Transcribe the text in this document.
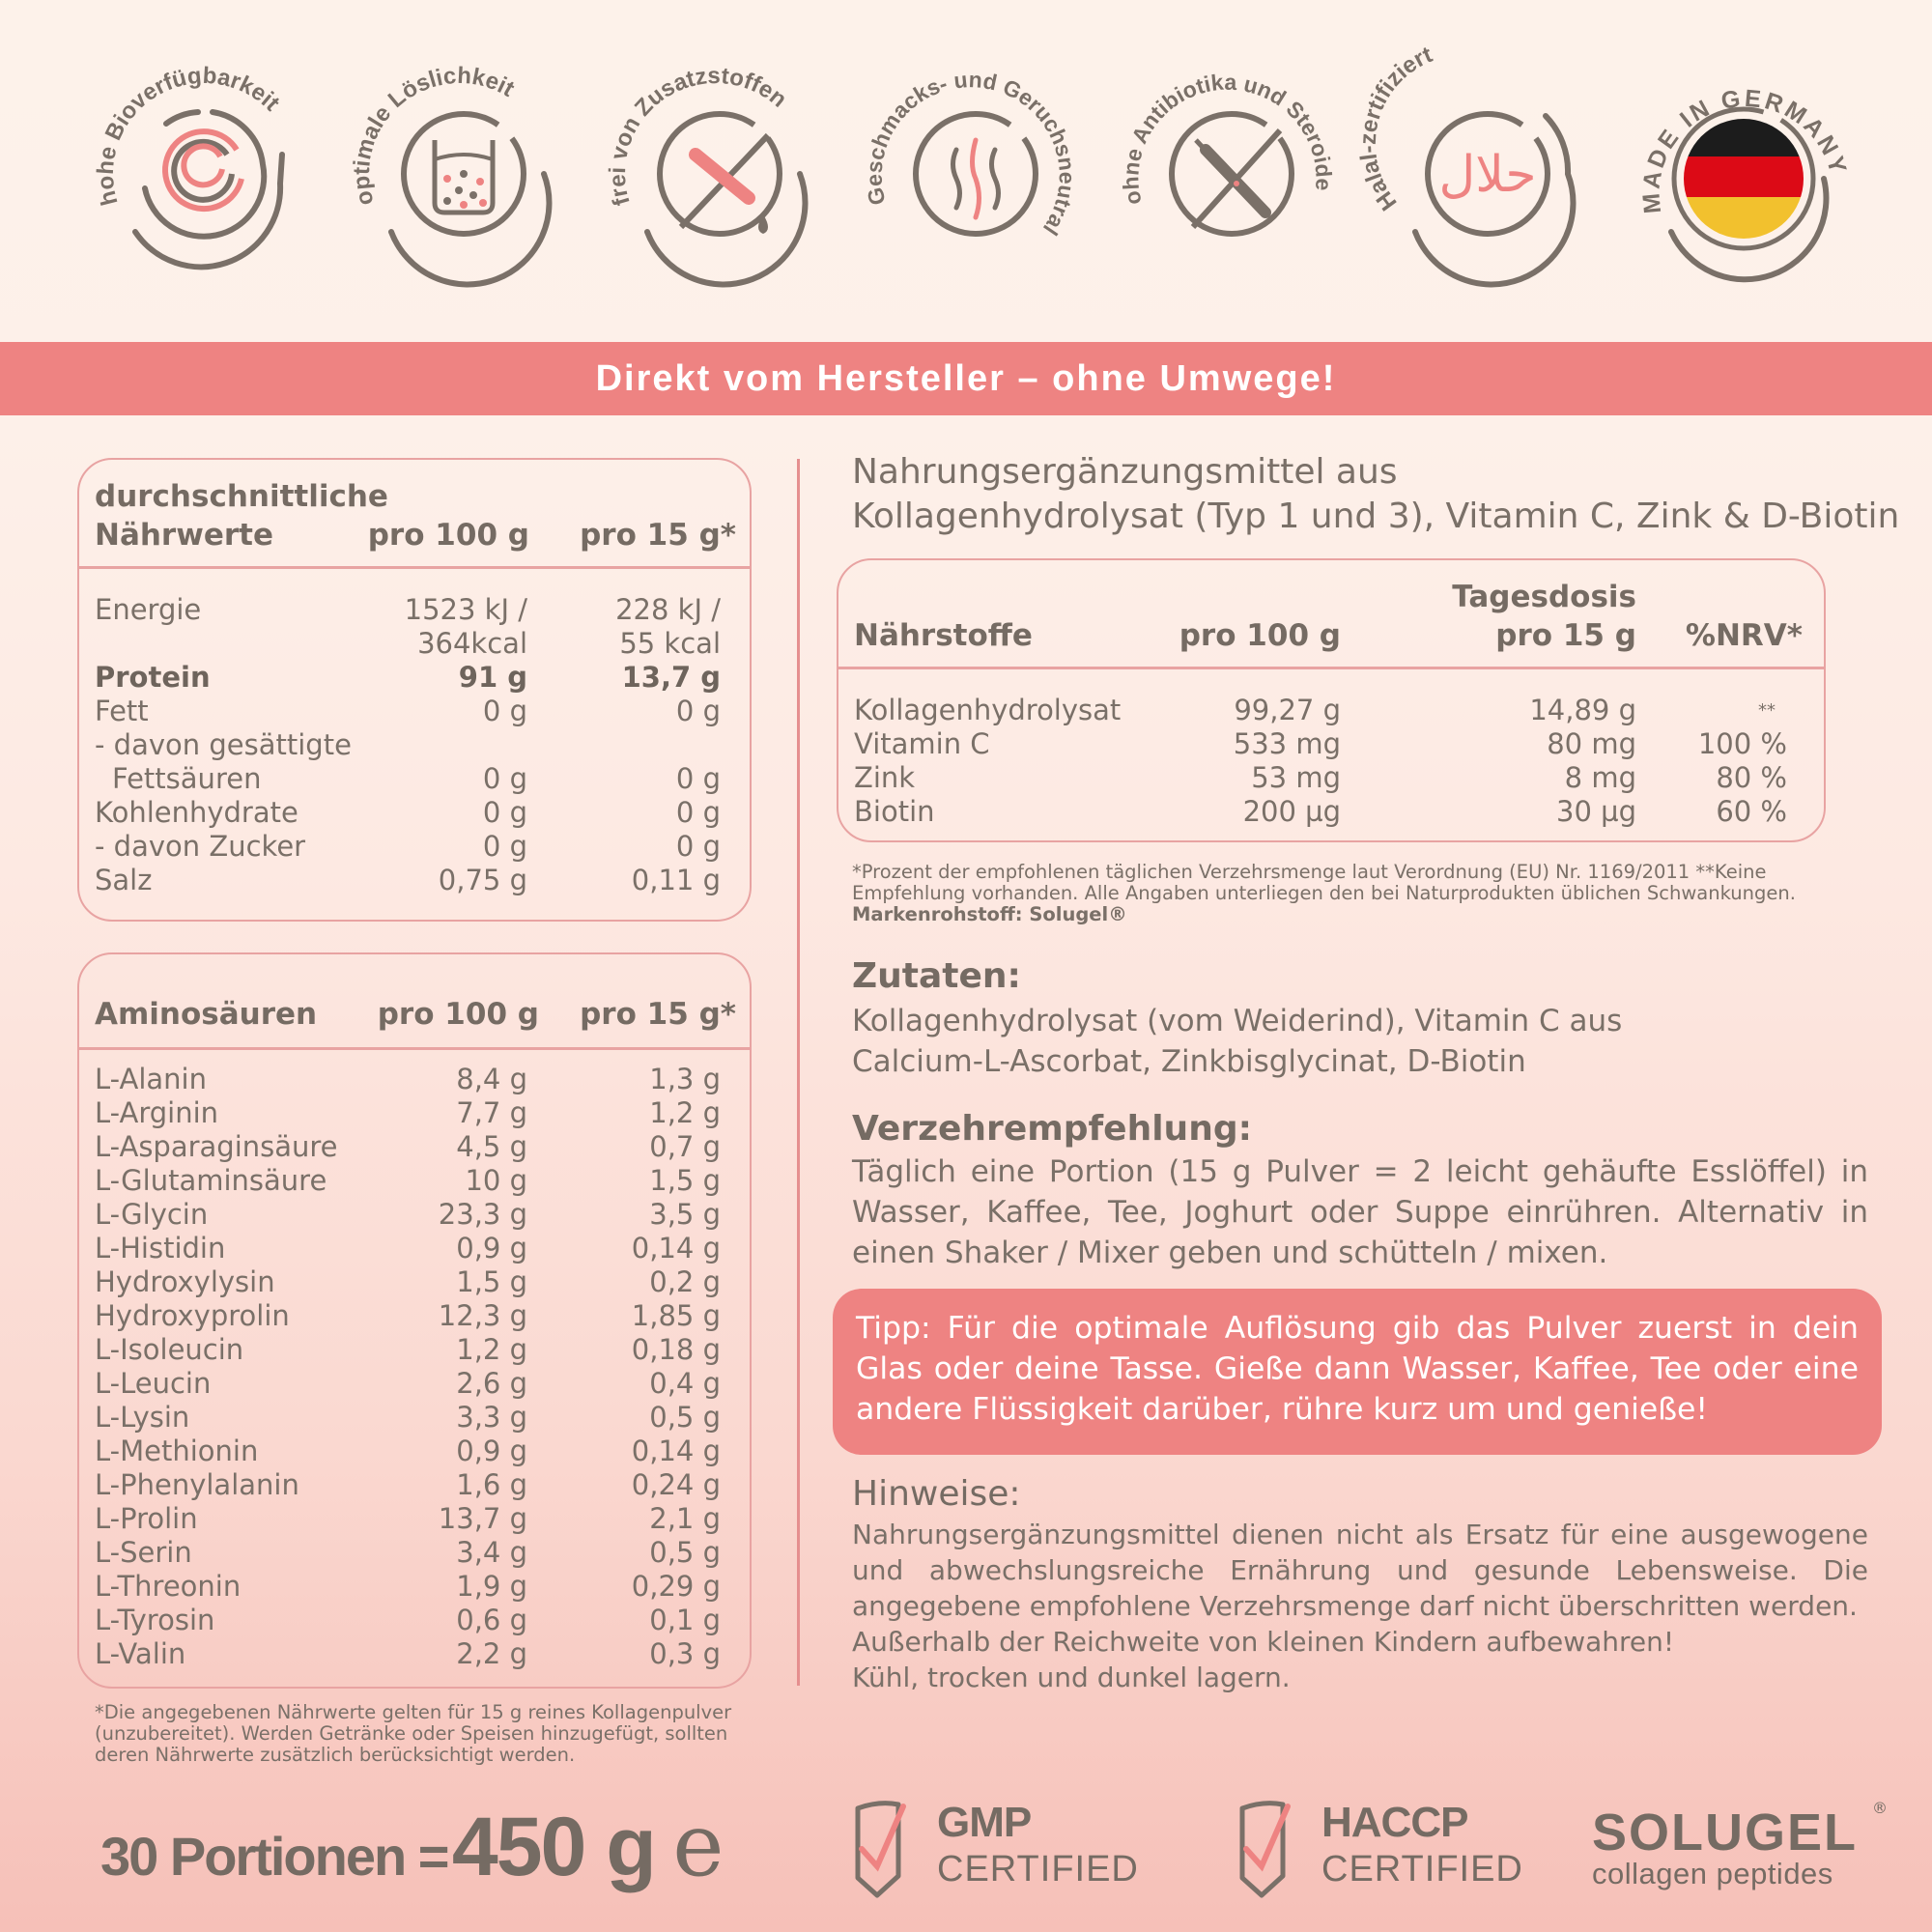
hohe Bioverfügbarkeit
optimale Löslichkeit
frei von Zusatzstoffen
Geschmacks- und Geruchsneutral
ohne Antibiotika und Steroide
Halal-zertifiziert
حلال	MADE IN GERMANY
Direkt vom Hersteller – ohne Umwege!
durchschnittliche
Nährwerte	pro 100 g pro 15 g*
Energie	1523 kJ /	228 kJ /
364kcal	55 kcal
Protein	91 g	13,7 g
Fett	0 g	0 g
- davon gesättigte
Fettsäuren	0 g	0 g
Kohlenhydrate	0 g	0 g
- davon Zucker	0 g	0 g
Salz	0,75 g	0,11 g
Aminosäuren pro 100 g pro 15 g*
L-Alanin	8,4 g	1,3 g
L-Arginin	7,7 g	1,2 g
L-Asparaginsäure	4,5 g	0,7 g
L-Glutaminsäure	10 g	1,5 g
L-Glycin	23,3 g	3,5 g
L-Histidin	0,9 g	0,14 g
Hydroxylysin	1,5 g	0,2 g
Hydroxyprolin	12,3 g	1,85 g
L-Isoleucin	1,2 g	0,18 g
L-Leucin	2,6 g	0,4 g
L-Lysin	3,3 g	0,5 g
L-Methionin	0,9 g	0,14 g
L-Phenylalanin	1,6 g	0,24 g
L-Prolin	13,7 g	2,1 g
L-Serin	3,4 g	0,5 g
L-Threonin	1,9 g	0,29 g
L-Tyrosin	0,6 g	0,1 g
L-Valin	2,2 g	0,3 g
*Die angegebenen Nährwerte gelten für 15 g reines Kollagenpulver (unzubereitet). Werden Getränke oder Speisen hinzugefügt, sollten deren Nährwerte zusätzlich berücksichtigt werden.
Nahrungsergänzungsmittel aus
Kollagenhydrolysat (Typ 1 und 3), Vitamin C, Zink & D-Biotin
Tagesdosis
Nährstoffe	pro 100 g	pro 15 g %NRV*
Kollagenhydrolysat	99,27 g	14,89 g	**
Vitamin C	533 mg	80 mg 100 %
Zink	53 mg	8 mg	80 %
Biotin	200 µg	30 µg	60 %
*Prozent der empfohlenen täglichen Verzehrsmenge laut Verordnung (EU) Nr. 1169/2011 **Keine Empfehlung vorhanden. Alle Angaben unterliegen den bei Naturprodukten üblichen Schwankungen.
Markenrohstoff: Solugel®
Zutaten:
Kollagenhydrolysat (vom Weiderind), Vitamin C aus
Calcium-L-Ascorbat, Zinkbisglycinat, D-Biotin
Verzehrempfehlung:
Täglich eine Portion (15 g Pulver = 2 leicht gehäufte Esslöffel) in Wasser, Kaffee, Tee, Joghurt oder Suppe einrühren. Alternativ in einen Shaker / Mixer geben und schütteln / mixen.
Tipp: Für die optimale Auflösung gib das Pulver zuerst in dein Glas oder deine Tasse. Gieße dann Wasser, Kaffee, Tee oder eine andere Flüssigkeit darüber, rühre kurz um und genieße!
Hinweise:
Nahrungsergänzungsmittel dienen nicht als Ersatz für eine ausgewogene und abwechslungsreiche Ernährung und gesunde Lebensweise. Die angegebene empfohlene Verzehrsmenge darf nicht überschritten werden.
Außerhalb der Reichweite von kleinen Kindern aufbewahren!
Kühl, trocken und dunkel lagern.
30 Portionen = 450 g e	GMP
CERTIFIED
HACCP
CERTIFIED
SOLUGEL ®
collagen peptides
